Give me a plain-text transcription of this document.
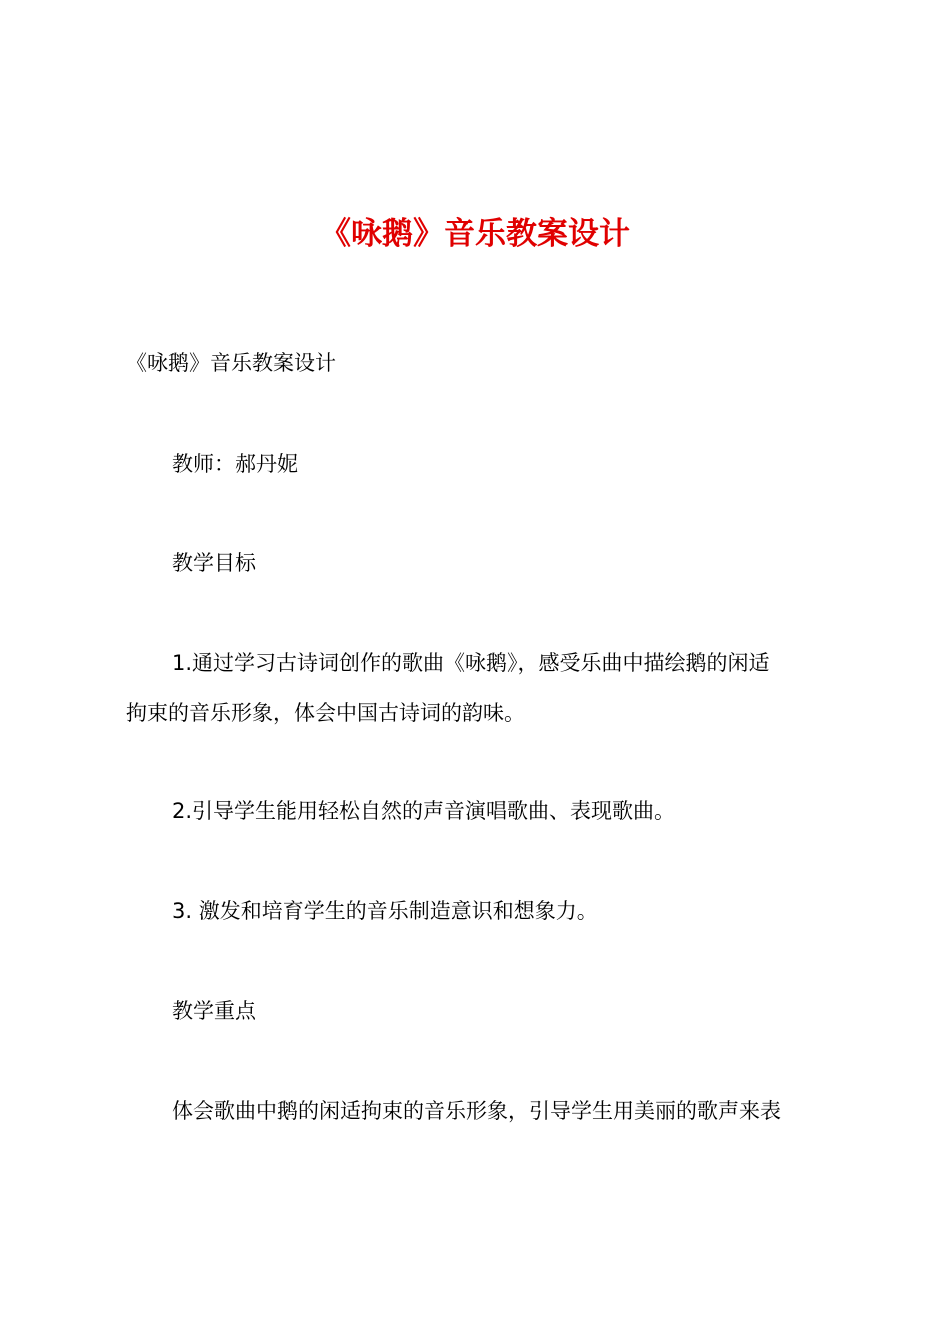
《咏鹅》音乐教案设计
《咏鹅》音乐教案设计
教师：郝丹妮
教学目标
1.通过学习古诗词创作的歌曲《咏鹅》，感受乐曲中描绘鹅的闲适
拘束的音乐形象，体会中国古诗词的韵味。
2.引导学生能用轻松自然的声音演唱歌曲、表现歌曲。
3. 激发和培育学生的音乐制造意识和想象力。
教学重点
体会歌曲中鹅的闲适拘束的音乐形象，引导学生用美丽的歌声来表
